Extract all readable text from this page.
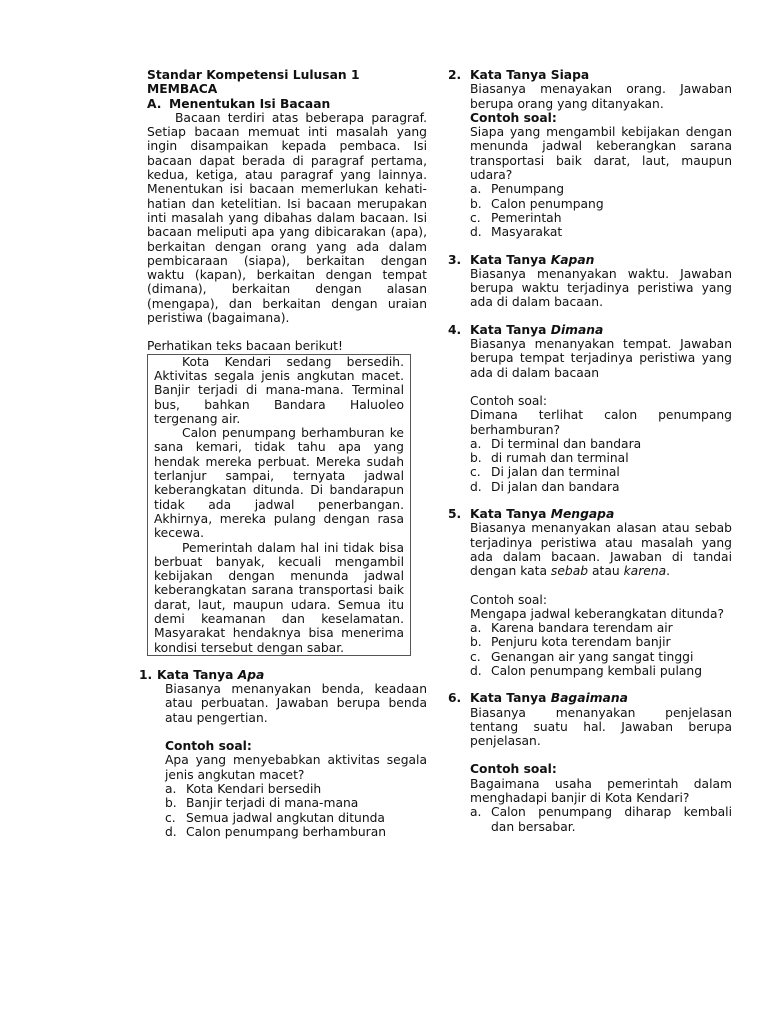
Standar Kompetensi Lulusan 1

MEMBACA

A. Menentukan Isi Bacaan

Bacaan terdiri atas beberapa paragraf. Setiap bacaan memuat inti masalah yang ingin disampaikan kepada pembaca. Isi bacaan dapat berada di paragraf pertama, kedua, ketiga, atau paragraf yang lainnya. Menentukan isi bacaan memerlukan kehati-hatian dan ketelitian. Isi bacaan merupakan inti masalah yang dibahas dalam bacaan. Isi bacaan meliputi apa yang dibicarakan (apa), berkaitan dengan orang yang ada dalam pembicaraan (siapa), berkaitan dengan waktu (kapan), berkaitan dengan tempat (dimana), berkaitan dengan alasan (mengapa), dan berkaitan dengan uraian peristiwa (bagaimana).

Perhatikan teks bacaan berikut!

Kota Kendari sedang bersedih. Aktivitas segala jenis angkutan macet. Banjir terjadi di mana-mana. Terminal bus, bahkan Bandara Haluoleo tergenang air.

Calon penumpang berhamburan ke sana kemari, tidak tahu apa yang hendak mereka perbuat. Mereka sudah terlanjur sampai, ternyata jadwal keberangkatan ditunda. Di bandarapun tidak ada jadwal penerbangan. Akhirnya, mereka pulang dengan rasa kecewa.

Pemerintah dalam hal ini tidak bisa berbuat banyak, kecuali mengambil kebijakan dengan menunda jadwal keberangkatan sarana transportasi baik darat, laut, maupun udara. Semua itu demi keamanan dan keselamatan. Masyarakat hendaknya bisa menerima kondisi tersebut dengan sabar.

1. Kata Tanya Apa

Biasanya menanyakan benda, keadaan atau perbuatan. Jawaban berupa benda atau pengertian.

Contoh soal:

Apa yang menyebabkan aktivitas segala jenis angkutan macet?

a. Kota Kendari bersedih
b. Banjir terjadi di mana-mana
c. Semua jadwal angkutan ditunda
d. Calon penumpang berhamburan
2. Kata Tanya Siapa

Biasanya menayakan orang. Jawaban berupa orang yang ditanyakan.

Contoh soal:

Siapa yang mengambil kebijakan dengan menunda jadwal keberangkan sarana transportasi baik darat, laut, maupun udara?

a. Penumpang
b. Calon penumpang
c. Pemerintah
d. Masyarakat
3. Kata Tanya Kapan

Biasanya menanyakan waktu. Jawaban berupa waktu terjadinya peristiwa yang ada di dalam bacaan.

4. Kata Tanya Dimana

Biasanya menanyakan tempat. Jawaban berupa tempat terjadinya peristiwa yang ada di dalam bacaan

Contoh soal:

Dimana terlihat calon penumpang berhamburan?

a. Di terminal dan bandara
b. di rumah dan terminal
c. Di jalan dan terminal
d. Di jalan dan bandara
5. Kata Tanya Mengapa

Biasanya menanyakan alasan atau sebab terjadinya peristiwa atau masalah yang ada dalam bacaan. Jawaban di tandai dengan kata sebab atau karena.

Contoh soal:

Mengapa jadwal keberangkatan ditunda?

a. Karena bandara terendam air
b. Penjuru kota terendam banjir
c. Genangan air yang sangat tinggi
d. Calon penumpang kembali pulang
6. Kata Tanya Bagaimana

Biasanya menanyakan penjelasan tentang suatu hal. Jawaban berupa penjelasan.

Contoh soal:

Bagaimana usaha pemerintah dalam menghadapi banjir di Kota Kendari?

a. Calon penumpang diharap kembali dan bersabar.
